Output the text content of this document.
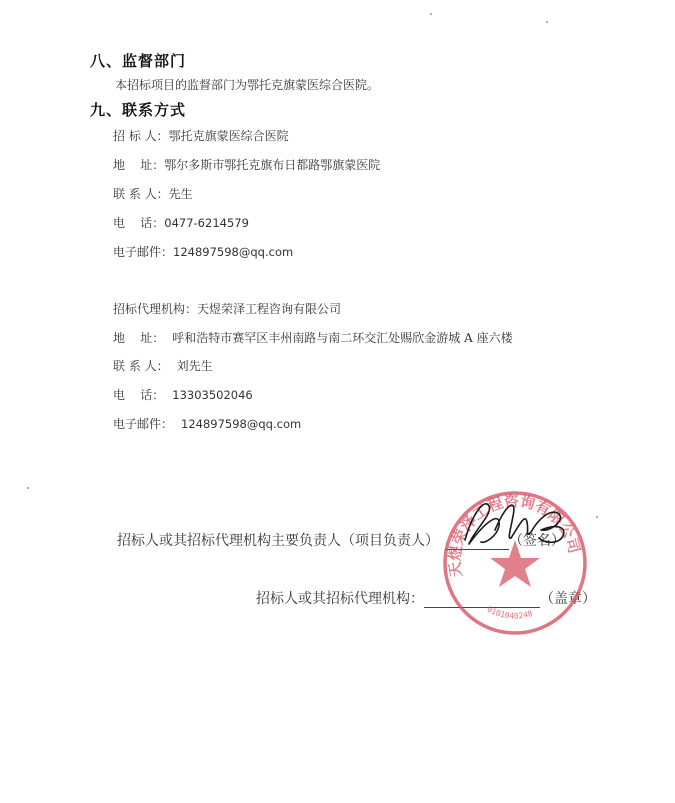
八、监督部门
本招标项目的监督部门为鄂托克旗蒙医综合医院。
九、联系方式
招 标 人：鄂托克旗蒙医综合医院
地    址：鄂尔多斯市鄂托克旗布日都路鄂旗蒙医院
联 系 人：先生
电    话：0477-6214579
电子邮件：124897598@qq.com
招标代理机构：天煜荣泽工程咨询有限公司
地    址： 呼和浩特市赛罕区丰州南路与南二环交汇处赐欣金游城 A 座六楼
联 系 人： 刘先生
电    话： 13303502046
电子邮件： 124897598@qq.com
招标人或其招标代理机构主要负责人（项目负责人）	（签名）
招标人或其招标代理机构：	（盖章）
天煜荣泽工程咨询有限公司
0101040248
